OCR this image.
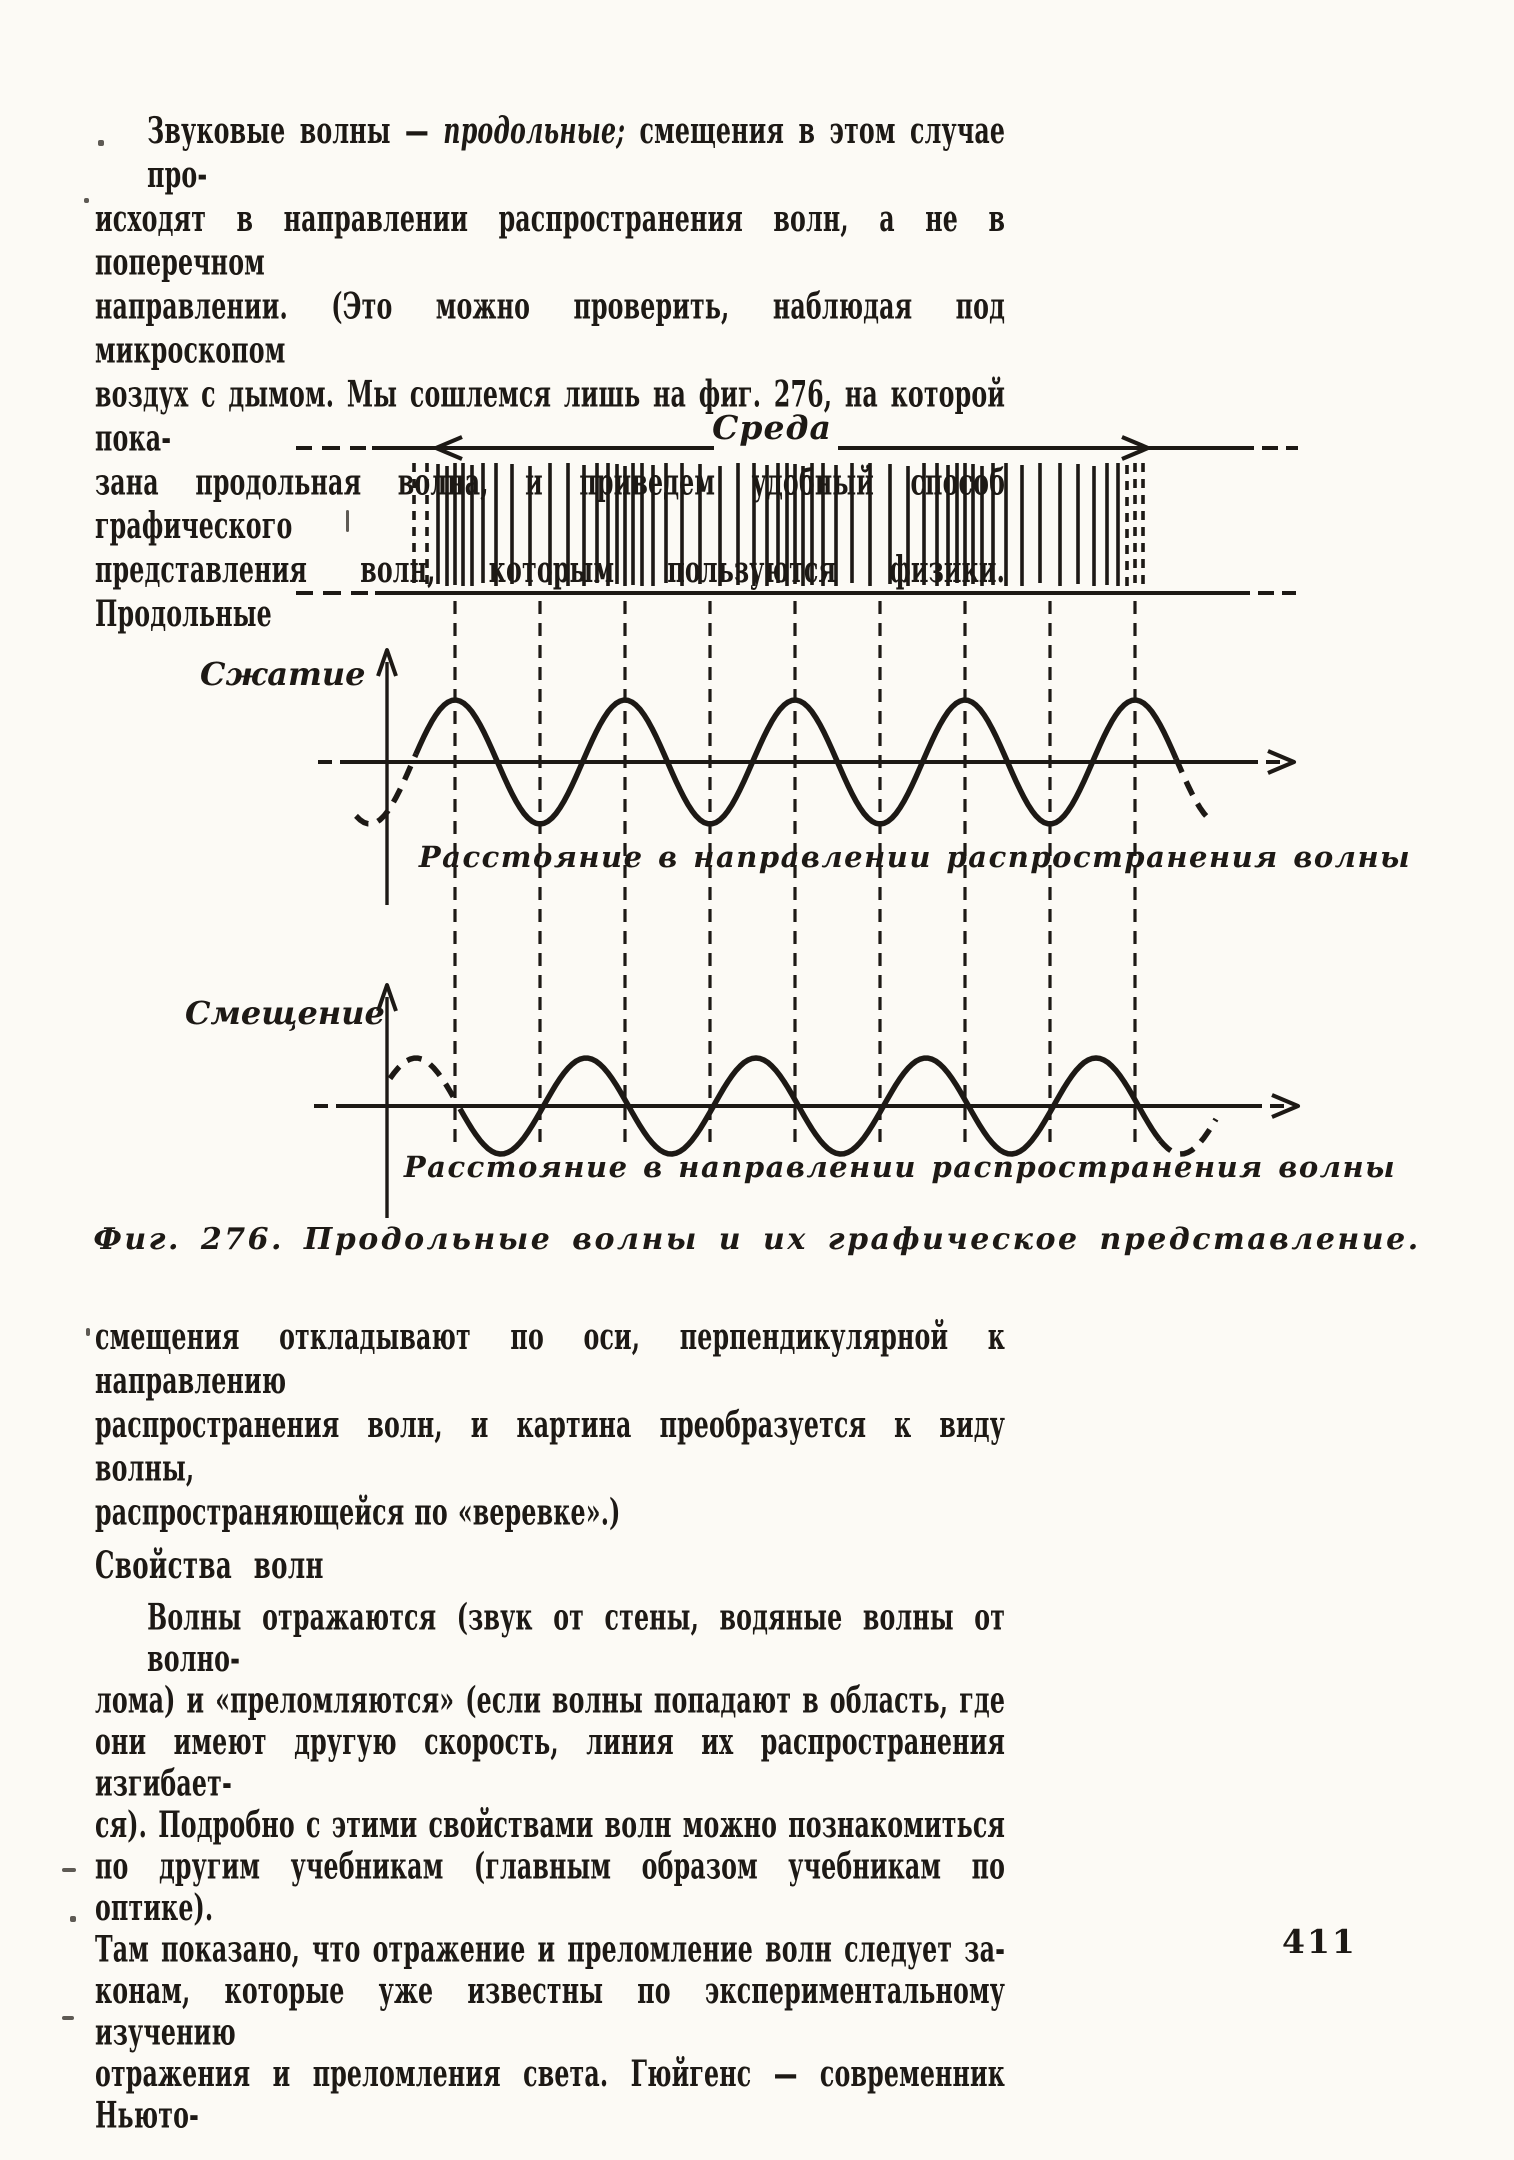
Звуковые волны — продольные; смещения в этом случае про-
исходят в направлении распространения волн, а не в поперечном
направлении. (Это можно проверить, наблюдая под микроскопом
воздух с дымом. Мы сошлемся лишь на фиг. 276, на которой пока-
зана продольная волна, и приведем удобный способ графического
представления волн, которым пользуются физики. Продольные
Среда
Сжатие
Расстояние в направлении распространения волны
Смещение
Расстояние в направлении распространения волны
Фиг. 276. Продольные волны и их графическое представление.
смещения откладывают по оси, перпендикулярной к направлению
распространения волн, и картина преобразуется к виду волны,
распространяющейся по «веревке».)
Свойства волн
Волны отражаются (звук от стены, водяные волны от волно-
лома) и «преломляются» (если волны попадают в область, где
они имеют другую скорость, линия их распространения изгибает-
ся). Подробно с этими свойствами волн можно познакомиться
по другим учебникам (главным образом учебникам по оптике).
Там показано, что отражение и преломление волн следует за-
конам, которые уже известны по экспериментальному изучению
отражения и преломления света. Гюйгенс — современник Ньюто-
411
